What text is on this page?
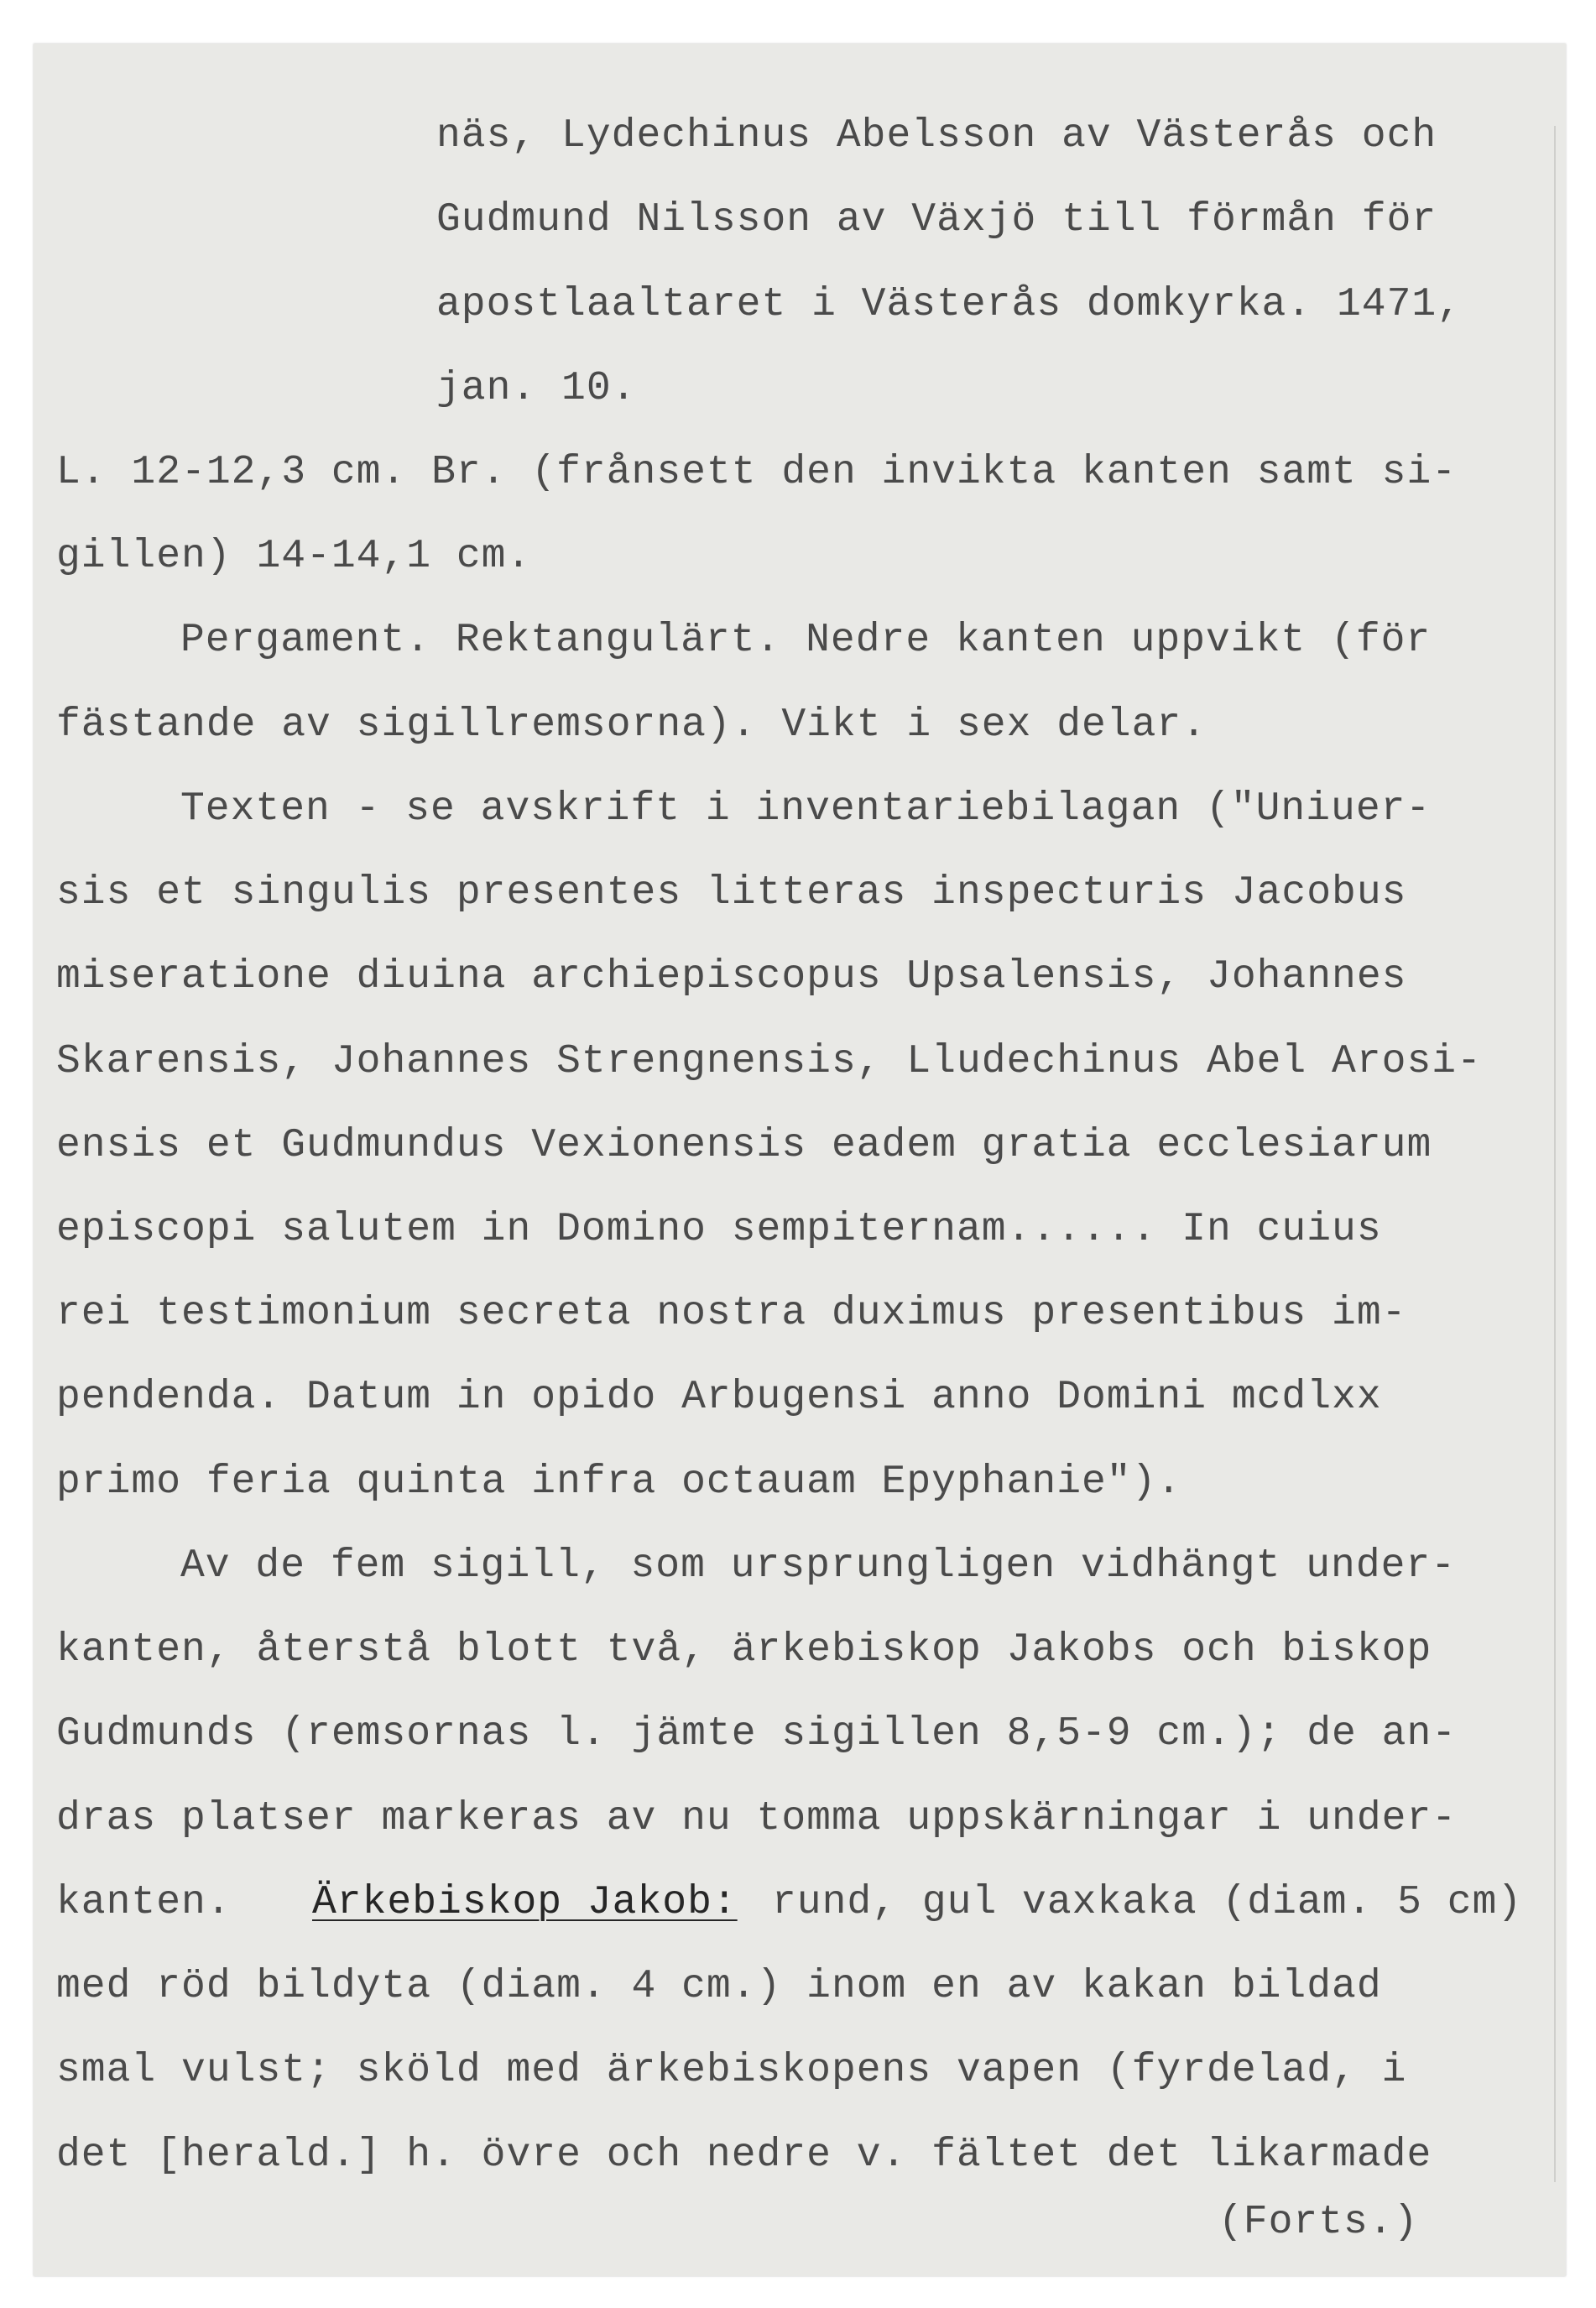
näs, Lydechinus Abelsson av Västerås och
Gudmund Nilsson av Växjö till förmån för
apostlaaltaret i Västerås domkyrka. 1471,
jan. 10.
L. 12-12,3 cm. Br. (frånsett den invikta kanten samt si-
gillen) 14-14,1 cm.
Pergament. Rektangulärt. Nedre kanten uppvikt (för
fästande av sigillremsorna). Vikt i sex delar.
Texten - se avskrift i inventariebilagan ("Uniuer-
sis et singulis presentes litteras inspecturis Jacobus
miseratione diuina archiepiscopus Upsalensis, Johannes
Skarensis, Johannes Strengnensis, Lludechinus Abel Arosi-
ensis et Gudmundus Vexionensis eadem gratia ecclesiarum
episcopi salutem in Domino sempiternam...... In cuius
rei testimonium secreta nostra duximus presentibus im-
pendenda. Datum in opido Arbugensi anno Domini mcdlxx
primo feria quinta infra octauam Epyphanie").
Av de fem sigill, som ursprungligen vidhängt under-
kanten, återstå blott två, ärkebiskop Jakobs och biskop
Gudmunds (remsornas l. jämte sigillen 8,5-9 cm.); de an-
dras platser markeras av nu tomma uppskärningar i under-
kanten. Ärkebiskop Jakob: rund, gul vaxkaka (diam. 5 cm)
med röd bildyta (diam. 4 cm.) inom en av kakan bildad
smal vulst; sköld med ärkebiskopens vapen (fyrdelad, i
det [herald.] h. övre och nedre v. fältet det likarmade
(Forts.)
